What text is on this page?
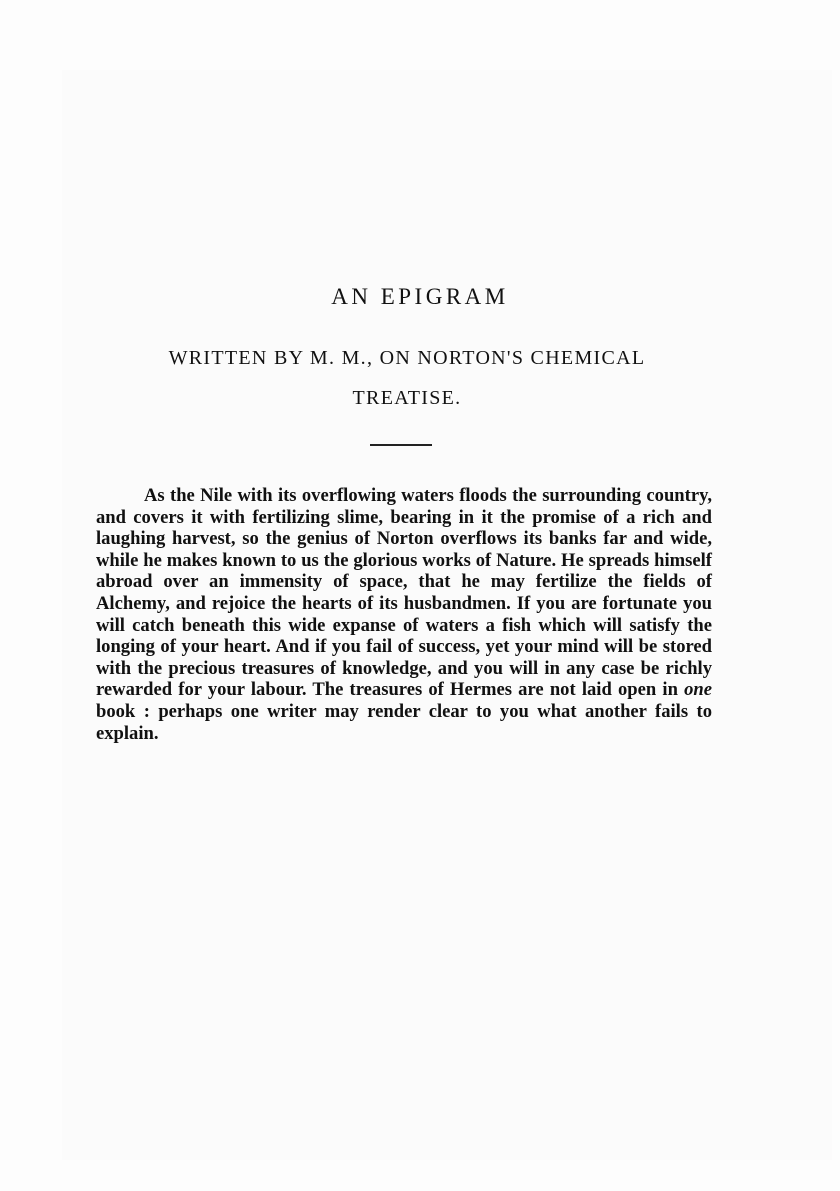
AN EPIGRAM

WRITTEN BY M. M., ON NORTON'S CHEMICAL TREATISE.

As the Nile with its overflowing waters floods the surrounding country, and covers it with fertilizing slime, bearing in it the promise of a rich and laughing harvest, so the genius of Norton overflows its banks far and wide, while he makes known to us the glorious works of Nature. He spreads himself abroad over an immensity of space, that he may fertilize the fields of Alchemy, and rejoice the hearts of its husbandmen. If you are fortunate you will catch beneath this wide expanse of waters a fish which will satisfy the longing of your heart. And if you fail of success, yet your mind will be stored with the precious treasures of knowledge, and you will in any case be richly rewarded for your labour. The treasures of Hermes are not laid open in one book : perhaps one writer may render clear to you what another fails to explain.
